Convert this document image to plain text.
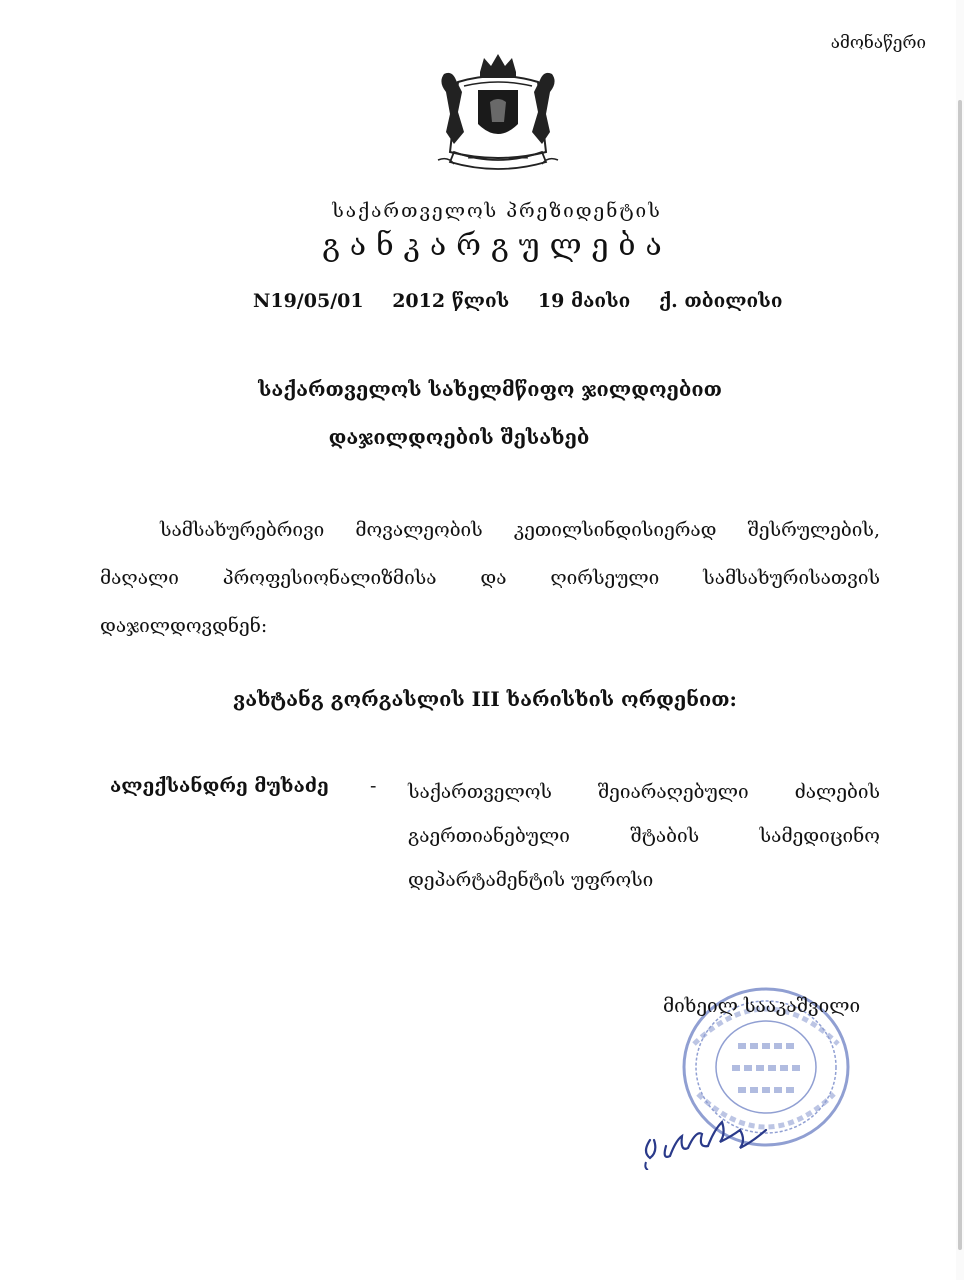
ამონაწერი
საქართველოს პრეზიდენტის
განკარგულება
N19/05/01 2012 წლის 19 მაისი ქ. თბილისი
საქართველოს სახელმწიფო ჯილდოებით
დაჯილდოების შესახებ
სამსახურებრივი მოვალეობის კეთილსინდისიერად შესრულების,
მაღალი პროფესიონალიზმისა და ღირსეული სამსახურისათვის
დაჯილდოვდნენ:
ვახტანგ გორგასლის III ხარისხის ორდენით:
ალექსანდრე მუხაძე - საქართველოს შეიარაღებული ძალების
გაერთიანებული შტაბის სამედიცინო
დეპარტამენტის უფროსი
მიხეილ სააკაშვილი
